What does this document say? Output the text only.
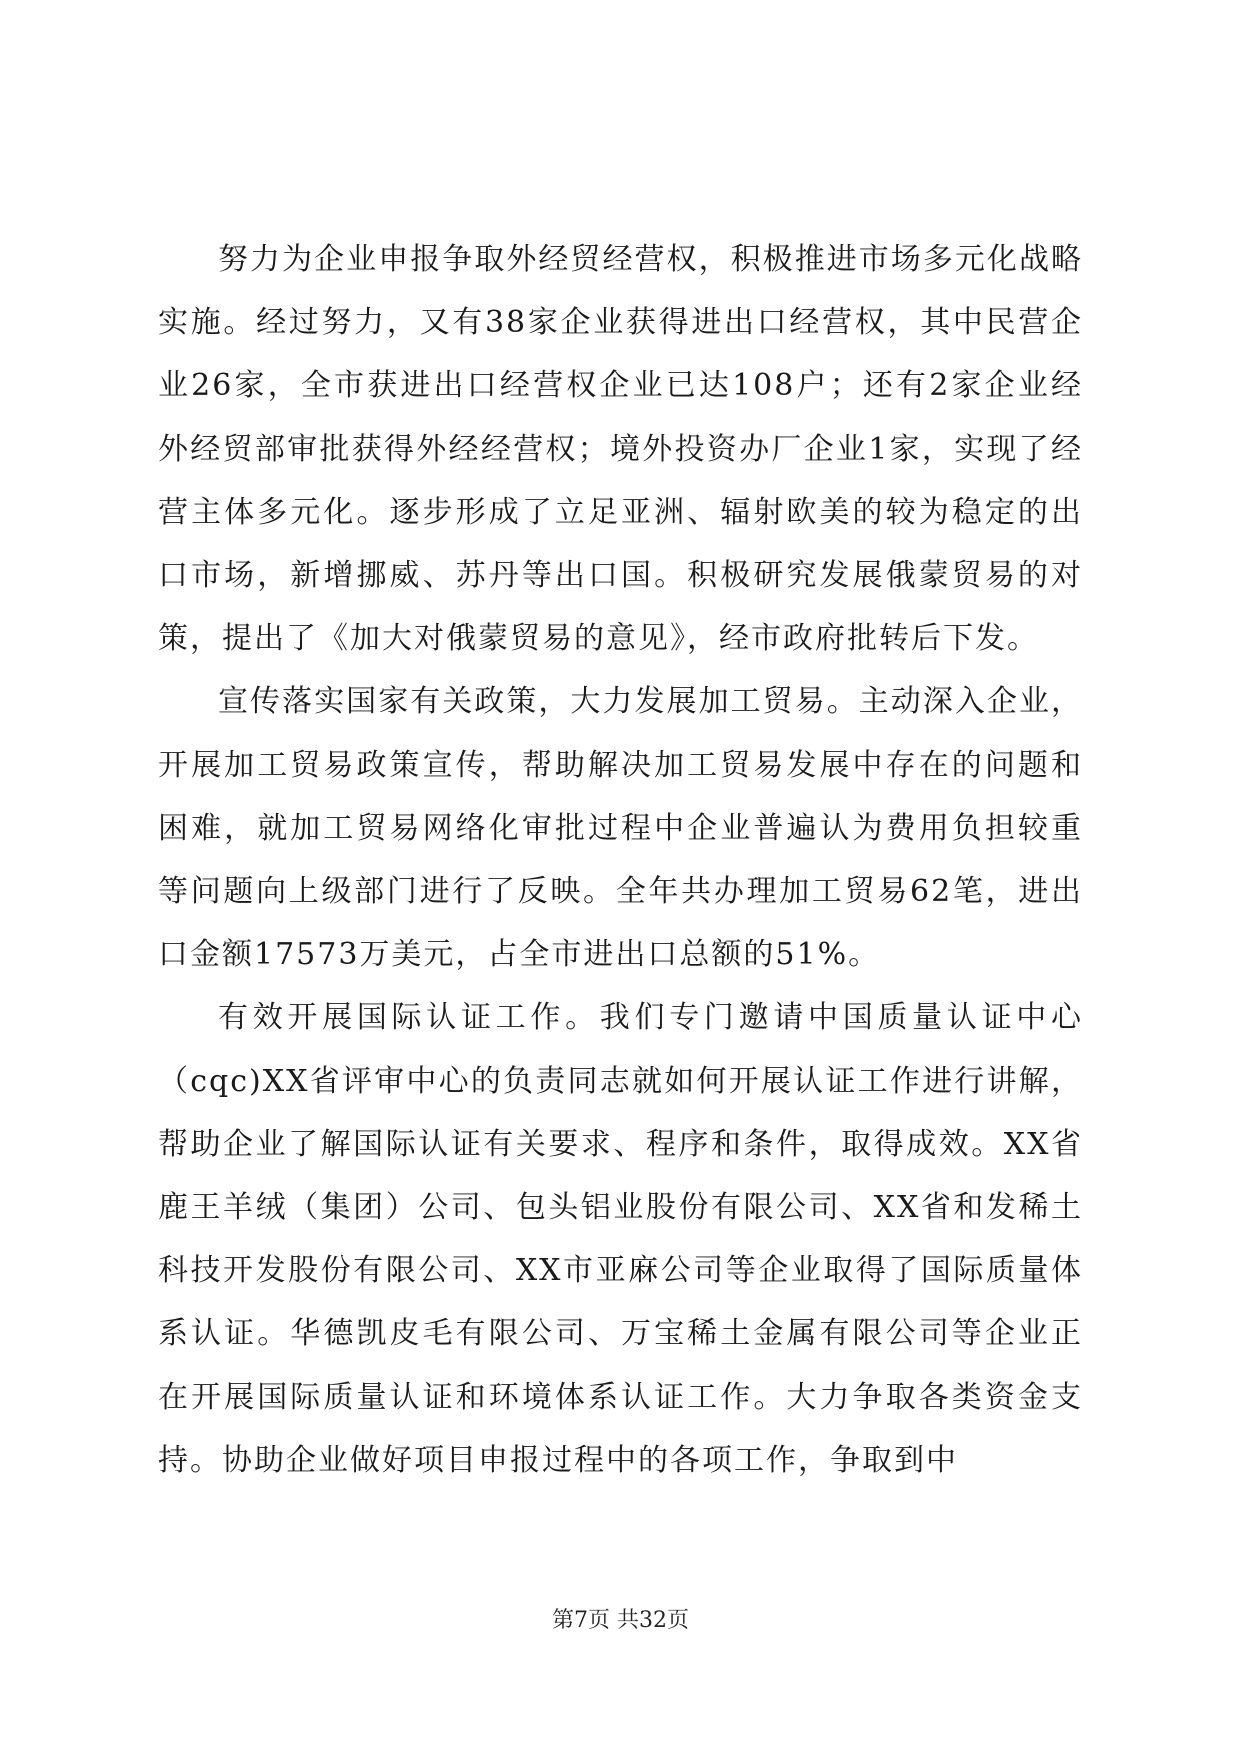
努力为企业申报争取外经贸经营权，积极推进市场多元化战略实施。经过努力，又有38家企业获得进出口经营权，其中民营企业26家，全市获进出口经营权企业已达108户；还有2家企业经外经贸部审批获得外经经营权；境外投资办厂企业1家，实现了经营主体多元化。逐步形成了立足亚洲、辐射欧美的较为稳定的出口市场，新增挪威、苏丹等出口国。积极研究发展俄蒙贸易的对策，提出了《加大对俄蒙贸易的意见》，经市政府批转后下发。

宣传落实国家有关政策，大力发展加工贸易。主动深入企业，开展加工贸易政策宣传，帮助解决加工贸易发展中存在的问题和困难，就加工贸易网络化审批过程中企业普遍认为费用负担较重等问题向上级部门进行了反映。全年共办理加工贸易62笔，进出口金额17573万美元，占全市进出口总额的51%。

有效开展国际认证工作。我们专门邀请中国质量认证中心（cqc)XX省评审中心的负责同志就如何开展认证工作进行讲解，帮助企业了解国际认证有关要求、程序和条件，取得成效。XX省鹿王羊绒（集团）公司、包头铝业股份有限公司、XX省和发稀土科技开发股份有限公司、XX市亚麻公司等企业取得了国际质量体系认证。华德凯皮毛有限公司、万宝稀土金属有限公司等企业正在开展国际质量认证和环境体系认证工作。大力争取各类资金支持。协助企业做好项目申报过程中的各项工作，争取到中

第7页 共32页
